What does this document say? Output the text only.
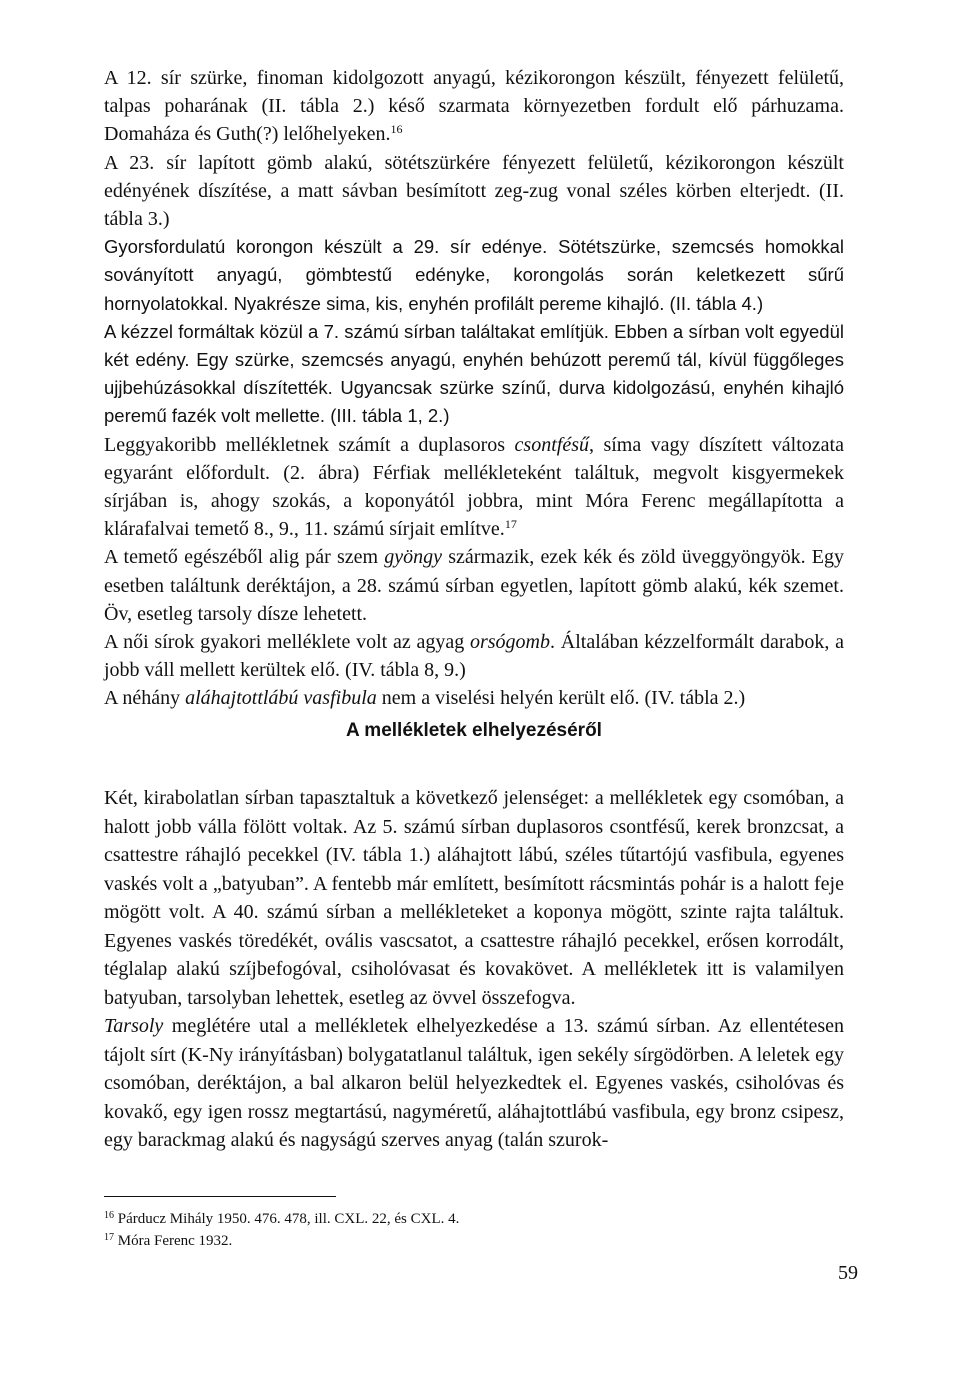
A 12. sír szürke, finoman kidolgozott anyagú, kézikorongon készült, fényezett felületű, talpas poharának (II. tábla 2.) késő szarmata környezetben fordult elő párhuzama. Domaháza és Guth(?) lelőhelyeken.$^{16}$

A 23. sír lapított gömb alakú, sötétszürkére fényezett felületű, kézikorongon készült edényének díszítése, a matt sávban besímított zeg-zug vonal széles körben elterjedt. (II. tábla 3.)

Gyorsfordulatú korongon készült a 29. sír edénye. Sötétszürke, szemcsés homokkal soványított anyagú, gömbtestű edényke, korongolás során keletkezett sűrű hornyolatokkal. Nyakrésze sima, kis, enyhén profilált pereme kihajló. (II. tábla 4.)

A kézzel formáltak közül a 7. számú sírban találtakat említjük. Ebben a sírban volt egyedül két edény. Egy szürke, szemcsés anyagú, enyhén behúzott peremű tál, kívül függőleges ujjbehúzásokkal díszítették. Ugyancsak szürke színű, durva kidolgozású, enyhén kihajló peremű fazék volt mellette. (III. tábla 1, 2.)

Leggyakoribb mellékletnek számít a duplasoros csontfésű, síma vagy díszített változata egyaránt előfordult. (2. ábra) Férfiak mellékleteként találtuk, megvolt kisgyermekek sírjában is, ahogy szokás, a koponyától jobbra, mint Móra Ferenc megállapította a klárafalvai temető 8., 9., 11. számú sírjait említve.$^{17}$

A temető egészéből alig pár szem gyöngy származik, ezek kék és zöld üveggyöngyök. Egy esetben találtunk deréktájon, a 28. számú sírban egyetlen, lapított gömb alakú, kék szemet. Öv, esetleg tarsoly dísze lehetett.

A női sírok gyakori melléklete volt az agyag orsógomb. Általában kézzelformált darabok, a jobb váll mellett kerültek elő. (IV. tábla 8, 9.)

A néhány aláhajtottlábú vasfibula nem a viselési helyén került elő. (IV. tábla 2.)

A mellékletek elhelyezéséről

Két, kirabolatlan sírban tapasztaltuk a következő jelenséget: a mellékletek egy csomóban, a halott jobb válla fölött voltak. Az 5. számú sírban duplasoros csontfésű, kerek bronzcsat, a csattestre ráhajló pecekkel (IV. tábla 1.) aláhajtott lábú, széles tűtartójú vasfibula, egyenes vaskés volt a „batyuban”. A fentebb már említett, besímított rácsmintás pohár is a halott feje mögött volt. A 40. számú sírban a mellékleteket a koponya mögött, szinte rajta találtuk. Egyenes vaskés töredékét, ovális vascsatot, a csattestre ráhajló pecekkel, erősen korrodált, téglalap alakú szíjbefogóval, csiholóvasat és kovakövet. A mellékletek itt is valamilyen batyuban, tarsolyban lehettek, esetleg az övvel összefogva.

Tarsoly meglétére utal a mellékletek elhelyezkedése a 13. számú sírban. Az ellentétesen tájolt sírt (K-Ny irányításban) bolygatatlanul találtuk, igen sekély sírgödörben. A leletek egy csomóban, deréktájon, a bal alkaron belül helyezkedtek el. Egyenes vaskés, csiholóvas és kovakő, egy igen rossz megtartású, nagyméretű, aláhajtottlábú vasfibula, egy bronz csipesz, egy barackmag alakú és nagyságú szerves anyag (talán szurok-

$^{16}$ Párducz Mihály 1950. 476. 478, ill. CXL. 22, és CXL. 4.
$^{17}$ Móra Ferenc 1932.
59
